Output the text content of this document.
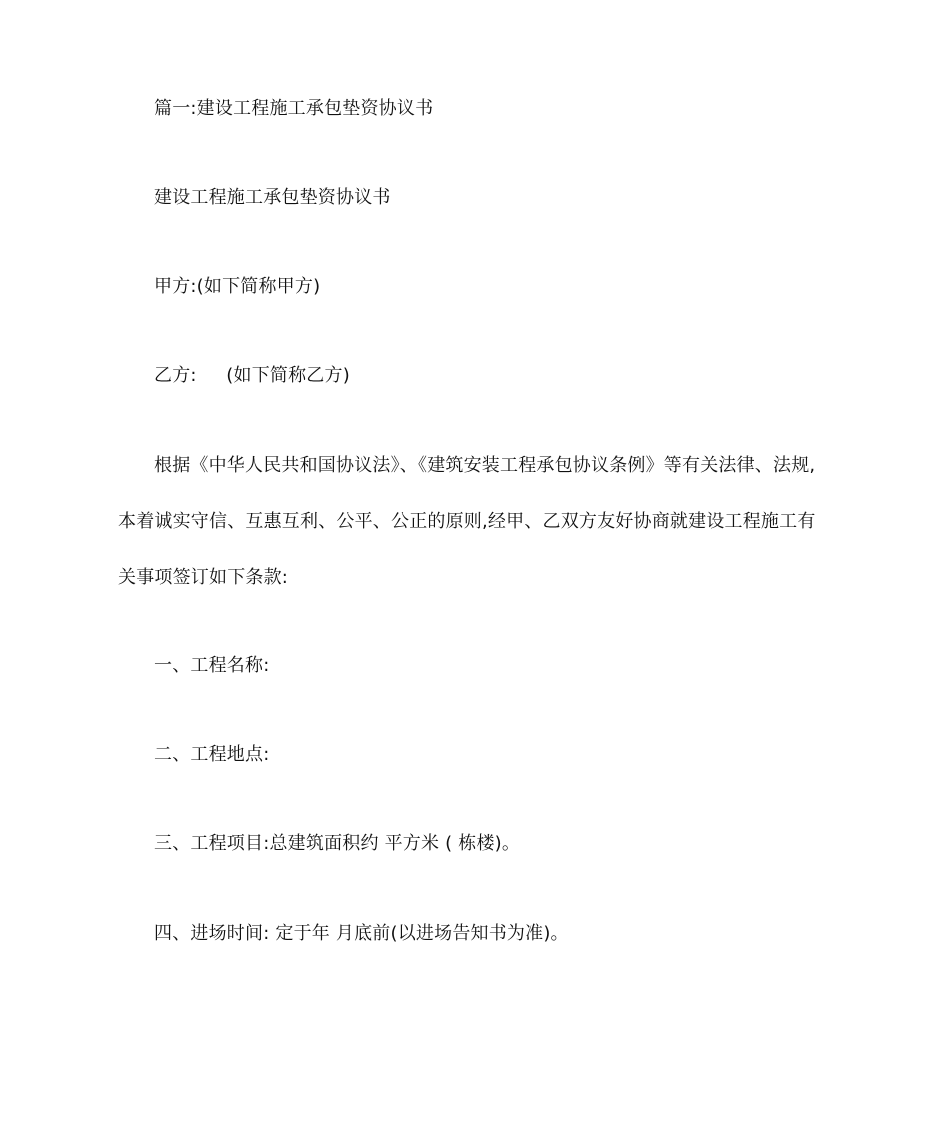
篇一:建设工程施工承包垫资协议书
建设工程施工承包垫资协议书
甲方:(如下简称甲方)
乙方:     (如下简称乙方)
根据《中华人民共和国协议法》、《建筑安装工程承包协议条例》等有关法律、法规,
本着诚实守信、互惠互利、公平、公正的原则,经甲、乙双方友好协商就建设工程施工有
关事项签订如下条款:
一、工程名称:
二、工程地点:
三、工程项目:总建筑面积约 平方米 ( 栋楼)。
四、进场时间: 定于年 月底前(以进场告知书为准)。
